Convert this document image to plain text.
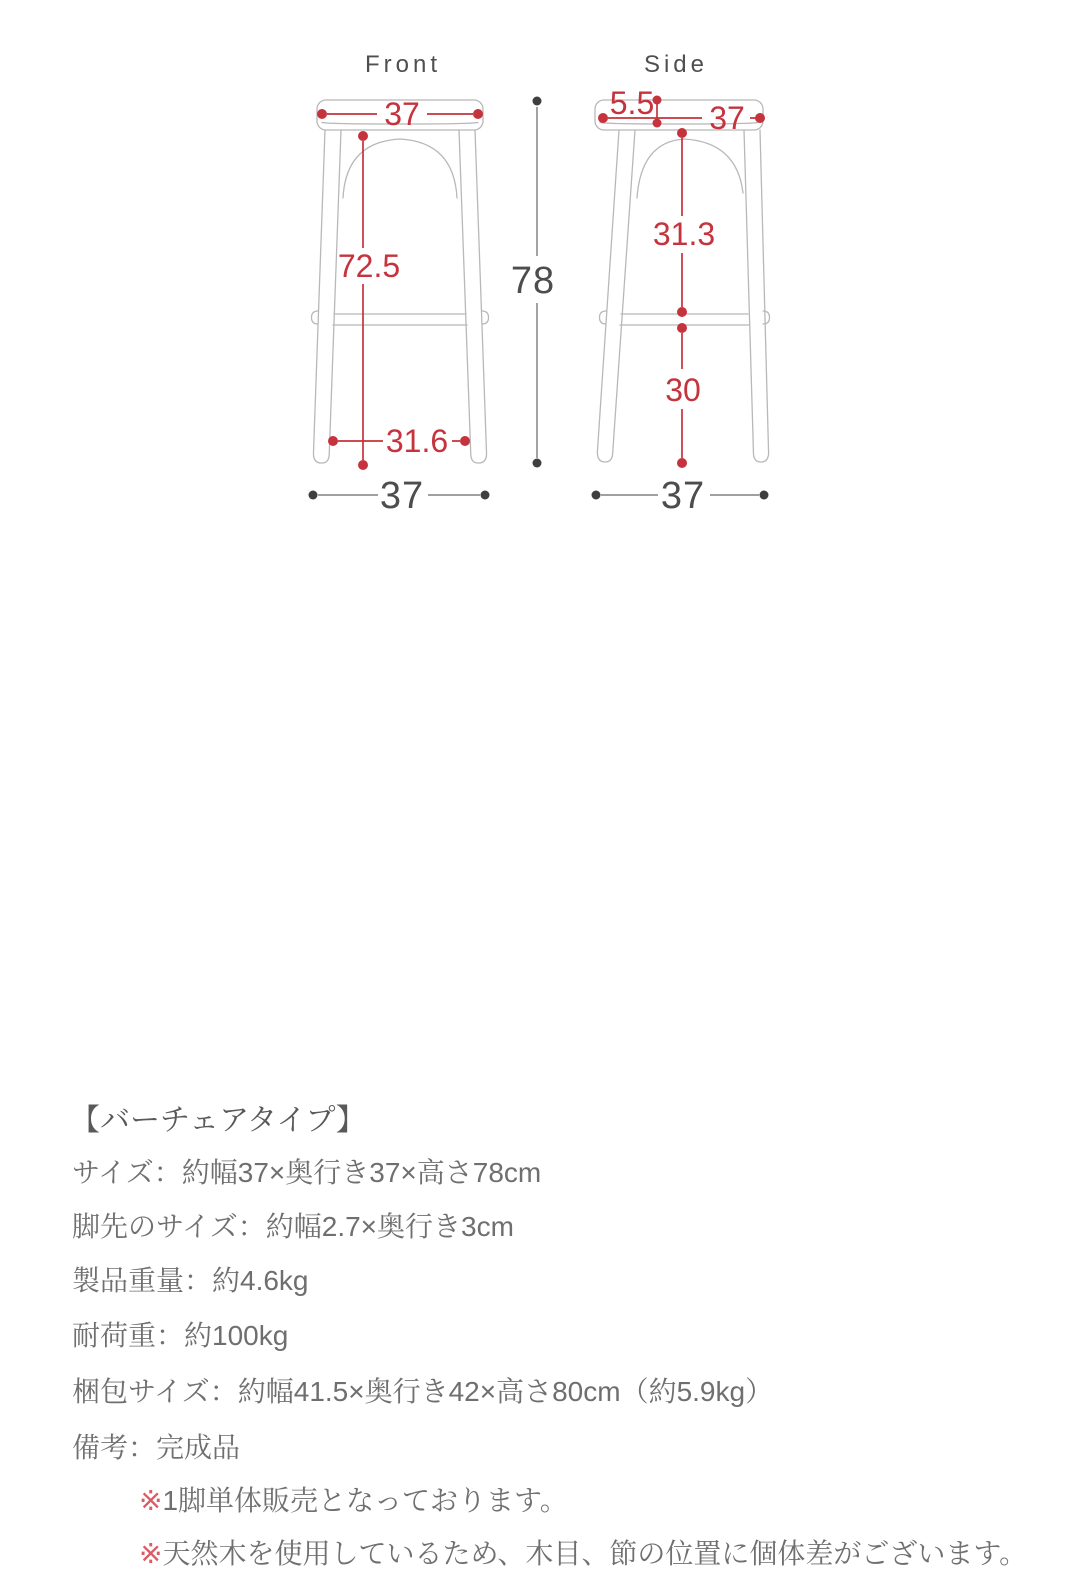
Front
37
72.5
31.6
37
78
Side
5.5 37
31.3
30
37
【バーチェアタイプ】
サイズ：約幅37×奥行き37×高さ78cm
脚先のサイズ：約幅2.7×奥行き3cm
製品重量：約4.6kg
耐荷重：約100kg
梱包サイズ：約幅41.5×奥行き42×高さ80cm（約5.9kg）
備考：完成品
※1脚単体販売となっております。
※天然木を使用しているため、木目、節の位置に個体差がございます。
